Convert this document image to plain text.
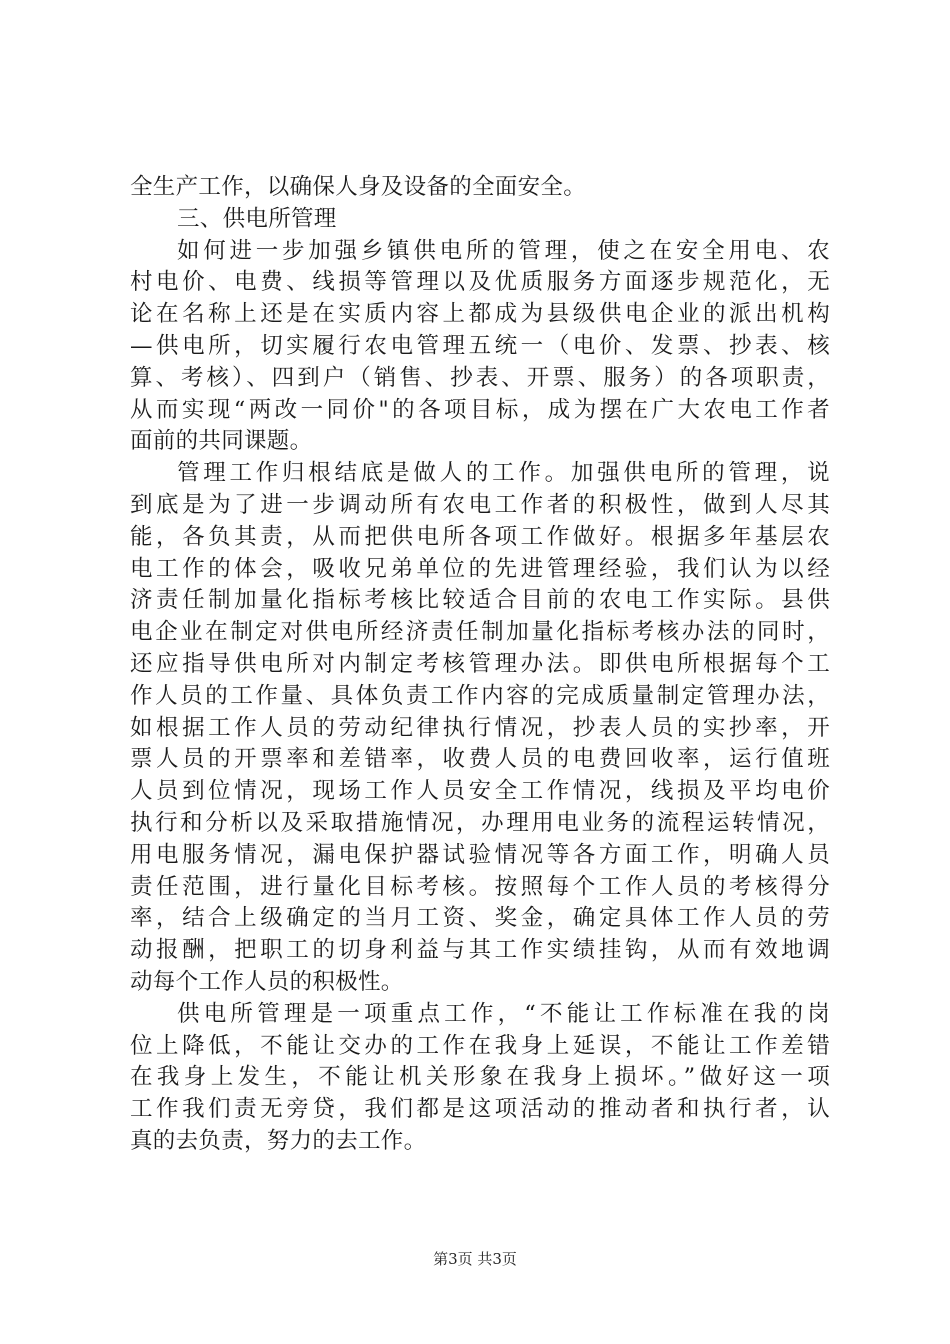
全生产工作，以确保人身及设备的全面安全。
三、供电所管理
如何进一步加强乡镇供电所的管理，使之在安全用电、农
村电价、电费、线损等管理以及优质服务方面逐步规范化，无
论在名称上还是在实质内容上都成为县级供电企业的派出机构
—供电所，切实履行农电管理五统一（电价、发票、抄表、核
算、考核）、四到户（销售、抄表、开票、服务）的各项职责，
从而实现“两改一同价"的各项目标，成为摆在广大农电工作者
面前的共同课题。
管理工作归根结底是做人的工作。加强供电所的管理，说
到底是为了进一步调动所有农电工作者的积极性，做到人尽其
能，各负其责，从而把供电所各项工作做好。根据多年基层农
电工作的体会，吸收兄弟单位的先进管理经验，我们认为以经
济责任制加量化指标考核比较适合目前的农电工作实际。县供
电企业在制定对供电所经济责任制加量化指标考核办法的同时，
还应指导供电所对内制定考核管理办法。即供电所根据每个工
作人员的工作量、具体负责工作内容的完成质量制定管理办法，
如根据工作人员的劳动纪律执行情况，抄表人员的实抄率，开
票人员的开票率和差错率，收费人员的电费回收率，运行值班
人员到位情况，现场工作人员安全工作情况，线损及平均电价
执行和分析以及采取措施情况，办理用电业务的流程运转情况，
用电服务情况，漏电保护器试验情况等各方面工作，明确人员
责任范围，进行量化目标考核。按照每个工作人员的考核得分
率，结合上级确定的当月工资、奖金，确定具体工作人员的劳
动报酬，把职工的切身利益与其工作实绩挂钩，从而有效地调
动每个工作人员的积极性。
供电所管理是一项重点工作，“不能让工作标准在我的岗
位上降低，不能让交办的工作在我身上延误，不能让工作差错
在我身上发生，不能让机关形象在我身上损坏。”做好这一项
工作我们责无旁贷，我们都是这项活动的推动者和执行者，认
真的去负责，努力的去工作。
第3页 共3页
